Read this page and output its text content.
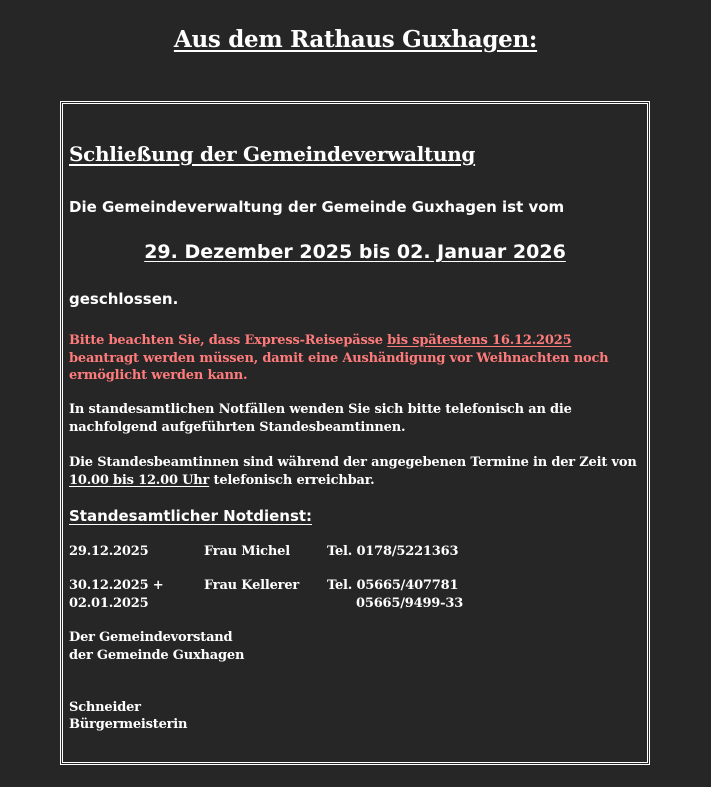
Aus dem Rathaus Guxhagen:
Schließung der Gemeindeverwaltung

Die Gemeindeverwaltung der Gemeinde Guxhagen ist vom

29. Dezember 2025 bis 02. Januar 2026

geschlossen.

Bitte beachten Sie, dass Express-Reisepässe bis spätestens 16.12.2025 beantragt werden müssen, damit eine Aushändigung vor Weihnachten noch ermöglicht werden kann.

In standesamtlichen Notfällen wenden Sie sich bitte telefonisch an die nachfolgend aufgeführten Standesbeamtinnen.

Die Standesbeamtinnen sind während der angegebenen Termine in der Zeit von 10.00 bis 12.00 Uhr telefonisch erreichbar.

Standesamtlicher Notdienst:
29.12.2025	Frau Michel	Tel. 0178/5221363
30.12.2025 +
02.01.2025
Frau Kellerer Tel. 05665/407781
05665/9499-33
Der Gemeindevorstand
der Gemeinde Guxhagen
Schneider
Bürgermeisterin
